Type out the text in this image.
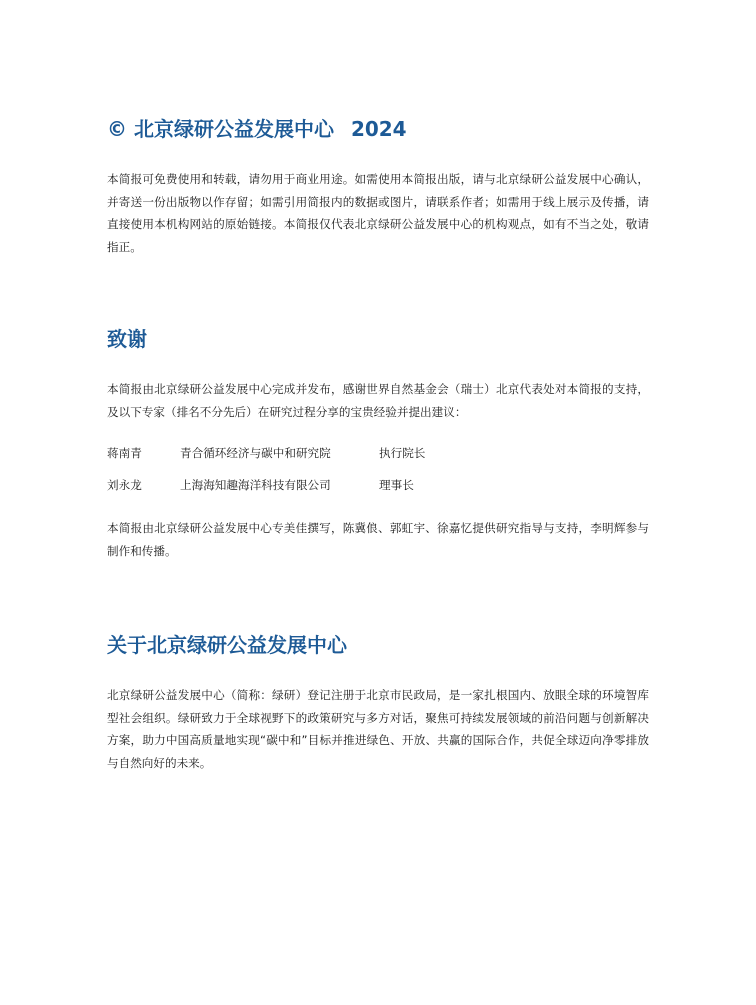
© 北京绿研公益发展中心 2024

本简报可免费使用和转载，请勿用于商业用途。如需使用本简报出版，请与北京绿研公益发展中心确认，并寄送一份出版物以作存留；如需引用简报内的数据或图片，请联系作者；如需用于线上展示及传播，请直接使用本机构网站的原始链接。本简报仅代表北京绿研公益发展中心的机构观点，如有不当之处，敬请指正。

致谢

本简报由北京绿研公益发展中心完成并发布，感谢世界自然基金会（瑞士）北京代表处对本简报的支持，及以下专家（排名不分先后）在研究过程分享的宝贵经验并提出建议：

蒋南青	青合循环经济与碳中和研究院	执行院长
刘永龙	上海海知趣海洋科技有限公司	理事长

本简报由北京绿研公益发展中心专美佳撰写，陈冀俍、郭虹宇、徐嘉忆提供研究指导与支持，李明辉参与制作和传播。

关于北京绿研公益发展中心

北京绿研公益发展中心（简称：绿研）登记注册于北京市民政局，是一家扎根国内、放眼全球的环境智库型社会组织。绿研致力于全球视野下的政策研究与多方对话，聚焦可持续发展领域的前沿问题与创新解决方案，助力中国高质量地实现“碳中和”目标并推进绿色、开放、共赢的国际合作，共促全球迈向净零排放与自然向好的未来。
